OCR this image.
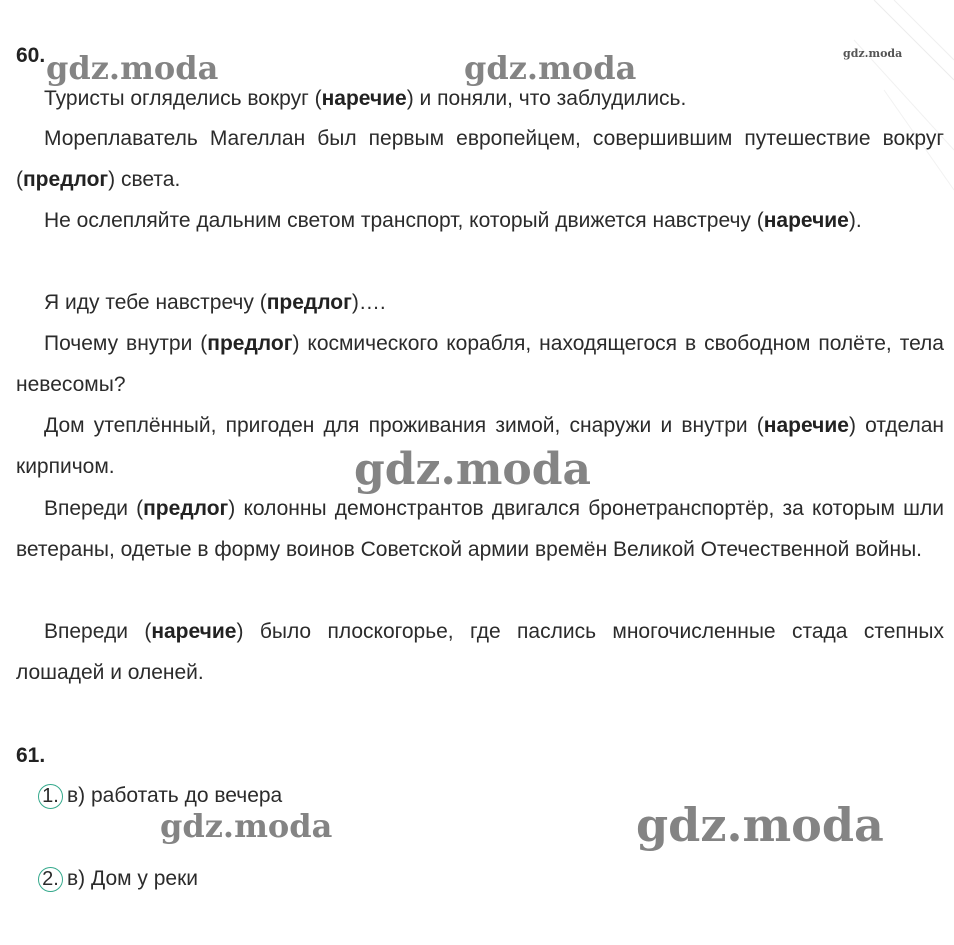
60.

Туристы огляделись вокруг (наречие) и поняли, что заблудились.

Мореплаватель Магеллан был первым европейцем, совершившим путешествие вокруг (предлог) света.

Не ослепляйте дальним светом транспорт, который движется навстречу (наречие).

Я иду тебе навстречу (предлог)….

Почему внутри (предлог) космического корабля, находящегося в свободном полёте, тела невесомы?

Дом утеплённый, пригоден для проживания зимой, снаружи и внутри (наречие) отделан кирпичом.

Впереди (предлог) колонны демонстрантов двигался бронетранспортёр, за которым шли ветераны, одетые в форму воинов Советской армии времён Великой Отечественной войны.

Впереди (наречие) было плоскогорье, где паслись многочисленные стада степных лошадей и оленей.

61.
1. в) работать до вечера
2. в) Дом у реки
gdz.moda	gdz.moda	gdz.moda
gdz.moda
gdz.moda	gdz.moda
